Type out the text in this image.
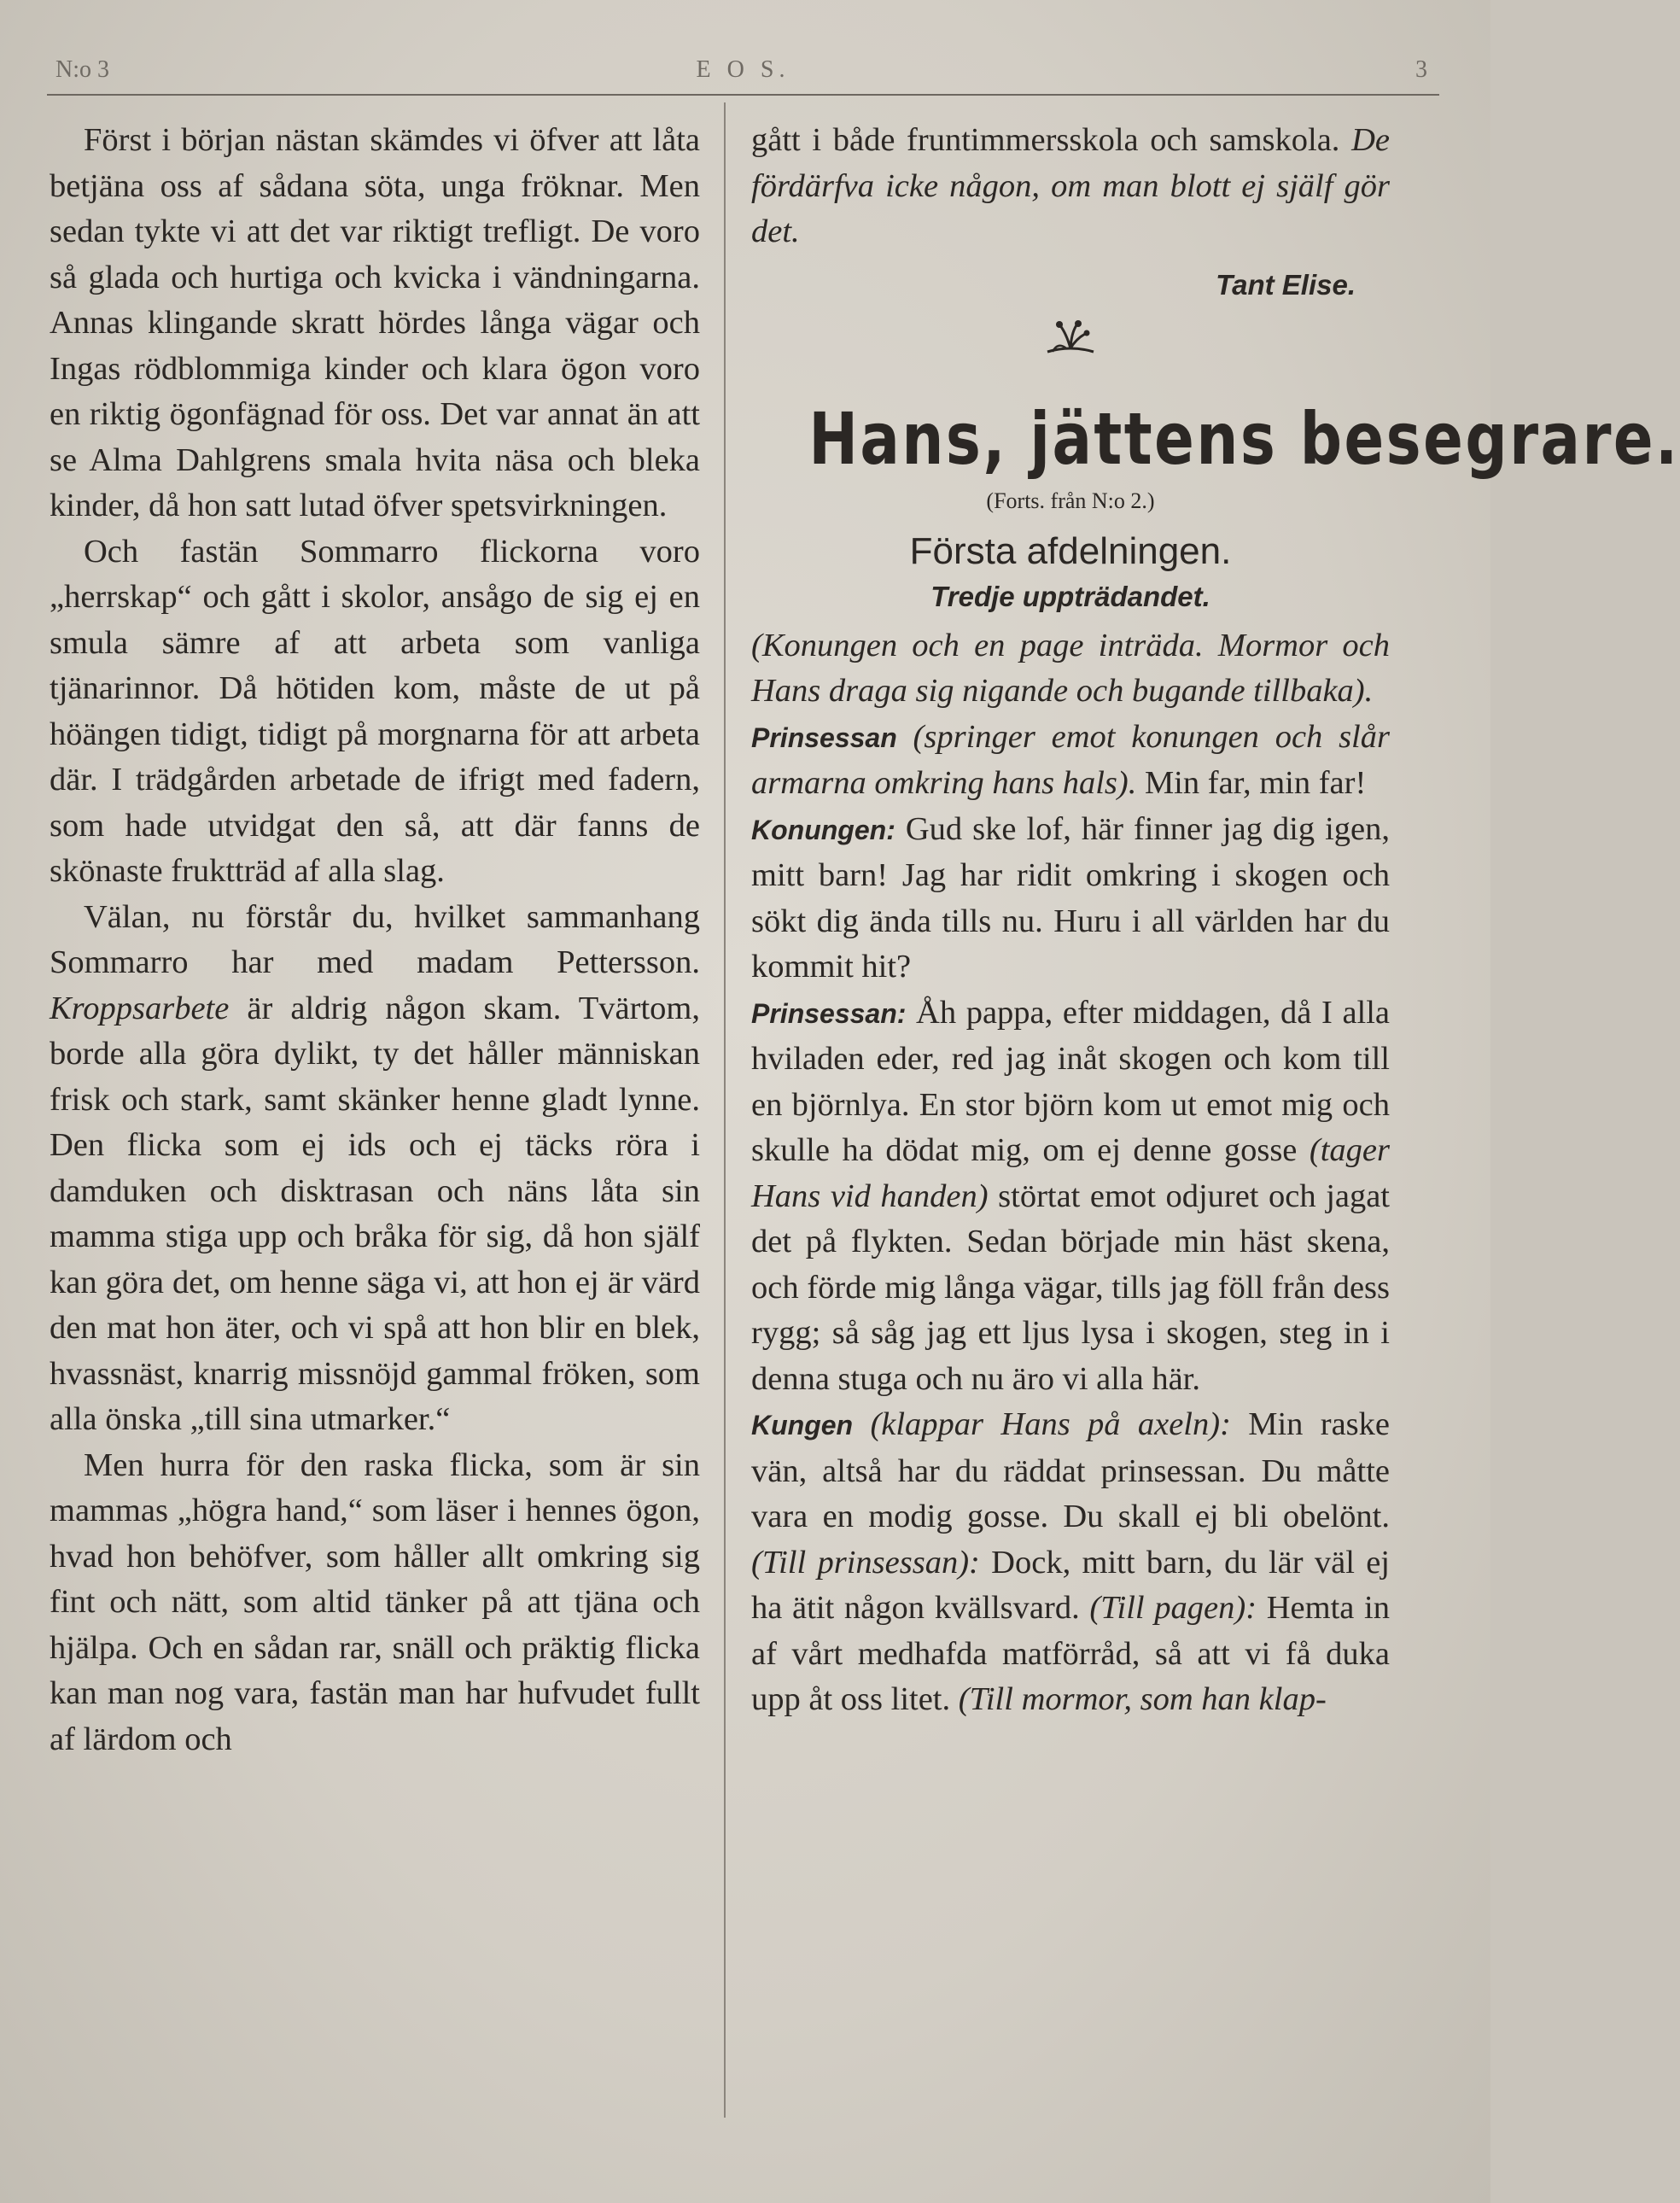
N:o 3	E O S.	3

Först i början nästan skämdes vi öfver att låta betjäna oss af sådana söta, unga fröknar. Men sedan tykte vi att det var riktigt trefligt. De voro så glada och hurtiga och kvicka i vändningarna. Annas klingande skratt hördes långa vägar och Ingas rödblommiga kinder och klara ögon voro en riktig ögonfägnad för oss. Det var annat än att se Alma Dahlgrens smala hvita näsa och bleka kinder, då hon satt lutad öfver spetsvirkningen.

Och fastän Sommarro flickorna voro „herrskap“ och gått i skolor, ansågo de sig ej en smula sämre af att arbeta som vanliga tjänarinnor. Då hötiden kom, måste de ut på höängen tidigt, tidigt på morgnarna för att arbeta där. I trädgården arbetade de ifrigt med fadern, som hade utvidgat den så, att där fanns de skönaste fruktträd af alla slag.

Välan, nu förstår du, hvilket sammanhang Sommarro har med madam Pettersson. Kroppsarbete är aldrig någon skam. Tvärtom, borde alla göra dylikt, ty det håller människan frisk och stark, samt skänker henne gladt lynne. Den flicka som ej ids och ej täcks röra i damduken och disktrasan och näns låta sin mamma stiga upp och bråka för sig, då hon själf kan göra det, om henne säga vi, att hon ej är värd den mat hon äter, och vi spå att hon blir en blek, hvassnäst, knarrig missnöjd gammal fröken, som alla önska „till sina utmarker.“

Men hurra för den raska flicka, som är sin mammas „högra hand,“ som läser i hennes ögon, hvad hon behöfver, som håller allt omkring sig fint och nätt, som altid tänker på att tjäna och hjälpa. Och en sådan rar, snäll och präktig flicka kan man nog vara, fastän man har hufvudet fullt af lärdom och

gått i både fruntimmersskola och samskola. De fördärfva icke någon, om man blott ej själf gör det.

Tant Elise.
Hans, jättens besegrare.
(Forts. från N:o 2.)
Första afdelningen.
Tredje uppträdandet.

(Konungen och en page inträda. Mormor och Hans draga sig nigande och bugande tillbaka).

Prinsessan (springer emot konungen och slår armarna omkring hans hals). Min far, min far!

Konungen: Gud ske lof, här finner jag dig igen, mitt barn! Jag har ridit omkring i skogen och sökt dig ända tills nu. Huru i all världen har du kommit hit?

Prinsessan: Åh pappa, efter middagen, då I alla hviladen eder, red jag inåt skogen och kom till en björnlya. En stor björn kom ut emot mig och skulle ha dödat mig, om ej denne gosse (tager Hans vid handen) störtat emot odjuret och jagat det på flykten. Sedan började min häst skena, och förde mig långa vägar, tills jag föll från dess rygg; så såg jag ett ljus lysa i skogen, steg in i denna stuga och nu äro vi alla här.

Kungen (klappar Hans på axeln): Min raske vän, altså har du räddat prinsessan. Du måtte vara en modig gosse. Du skall ej bli obelönt. (Till prinsessan): Dock, mitt barn, du lär väl ej ha ätit någon kvällsvard. (Till pagen): Hemta in af vårt medhafda matförråd, så att vi få duka upp åt oss litet. (Till mormor, som han klap-
